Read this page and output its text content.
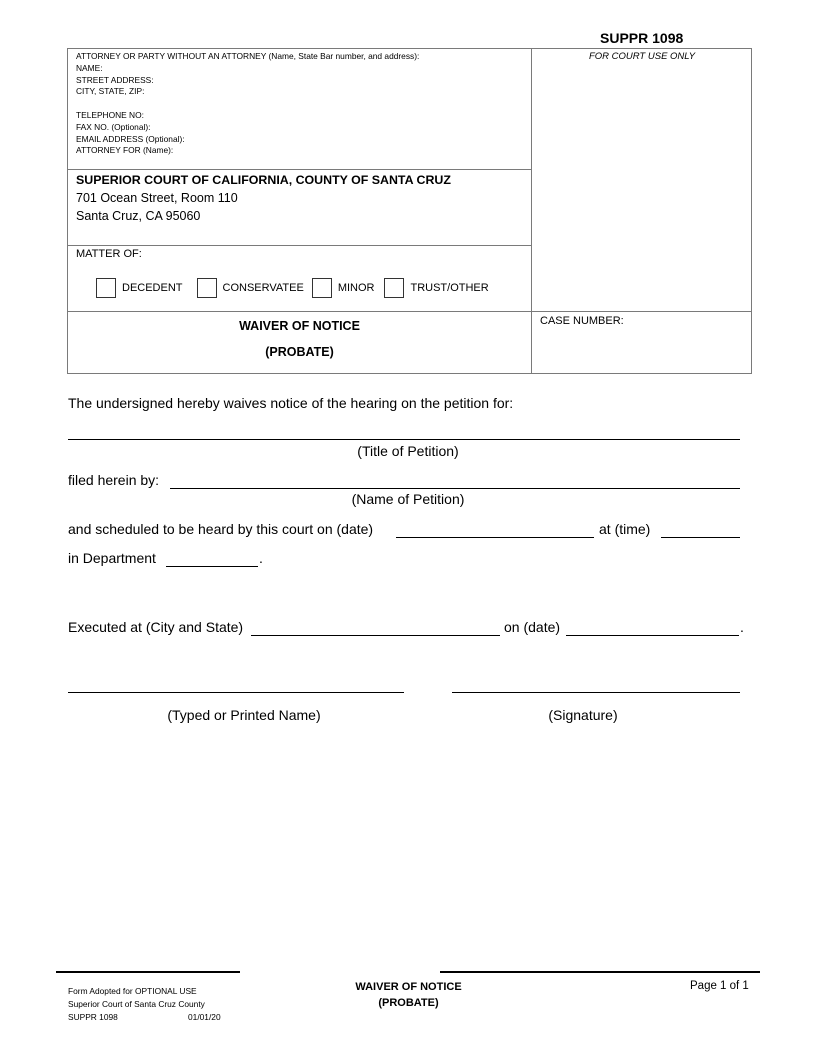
SUPPR 1098
ATTORNEY OR PARTY WITHOUT AN ATTORNEY (Name, State Bar number, and address):
NAME:
STREET ADDRESS:
CITY, STATE, ZIP:
TELEPHONE NO:
FAX NO. (Optional):
EMAIL ADDRESS (Optional):
ATTORNEY FOR (Name):
FOR COURT USE ONLY
SUPERIOR COURT OF CALIFORNIA, COUNTY OF SANTA CRUZ
701 Ocean Street, Room 110
Santa Cruz, CA 95060
MATTER OF:
DECEDENT	CONSERVATEE	MINOR	TRUST/OTHER
WAIVER OF NOTICE
(PROBATE)
CASE NUMBER:
The undersigned hereby waives notice of the hearing on the petition for:
(Title of Petition)
filed herein by:
(Name of Petition)
and scheduled to be heard by this court on (date)	at (time)
in Department	.
Executed at (City and State)	on (date)	.
(Typed or Printed Name)	(Signature)
Form Adopted for OPTIONAL USE
Superior Court of Santa Cruz County
SUPPR 1098	01/01/20
WAIVER OF NOTICE
(PROBATE)
Page 1 of 1
